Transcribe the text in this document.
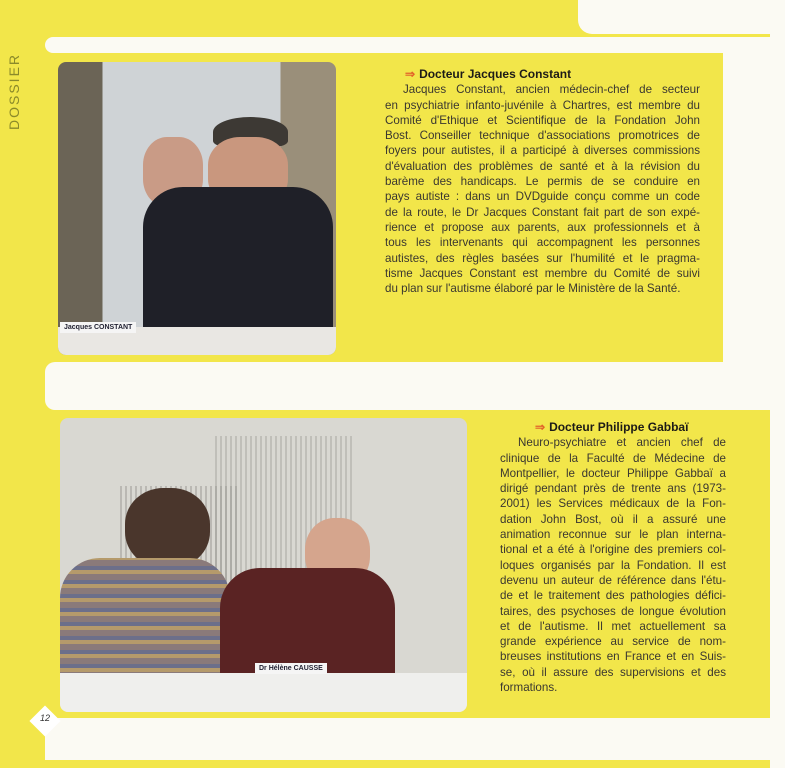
DOSSIER
Jacques CONSTANT
Dr Hélène CAUSSE
⇒ Docteur Jacques Constant
Jacques Constant, ancien médecin-chef de secteur
en psychiatrie infanto-juvénile à Chartres, est membre du
Comité d'Ethique et Scientifique de la Fondation John
Bost. Conseiller technique d'associations promotrices de
foyers pour autistes, il a participé à diverses commissions
d'évaluation des problèmes de santé et à la révision du
barème des handicaps. Le permis de se conduire en
pays autiste : dans un DVDguide conçu comme un code
de la route, le Dr Jacques Constant fait part de son expé-
rience et propose aux parents, aux professionnels et à
tous les intervenants qui accompagnent les personnes
autistes, des règles basées sur l'humilité et le pragma-
tisme Jacques Constant est membre du Comité de suivi
du plan sur l'autisme élaboré par le Ministère de la Santé.
⇒ Docteur Philippe Gabbaï
Neuro-psychiatre et ancien chef de
clinique de la Faculté de Médecine de
Montpellier, le docteur Philippe Gabbaï a
dirigé pendant près de trente ans (1973-
2001) les Services médicaux de la Fon-
dation John Bost, où il a assuré une
animation reconnue sur le plan interna-
tional et a été à l'origine des premiers col-
loques organisés par la Fondation. Il est
devenu un auteur de référence dans l'étu-
de et le traitement des pathologies défici-
taires, des psychoses de longue évolution
et de l'autisme. Il met actuellement sa
grande expérience au service de nom-
breuses institutions en France et en Suis-
se, où il assure des supervisions et des
formations.
12
